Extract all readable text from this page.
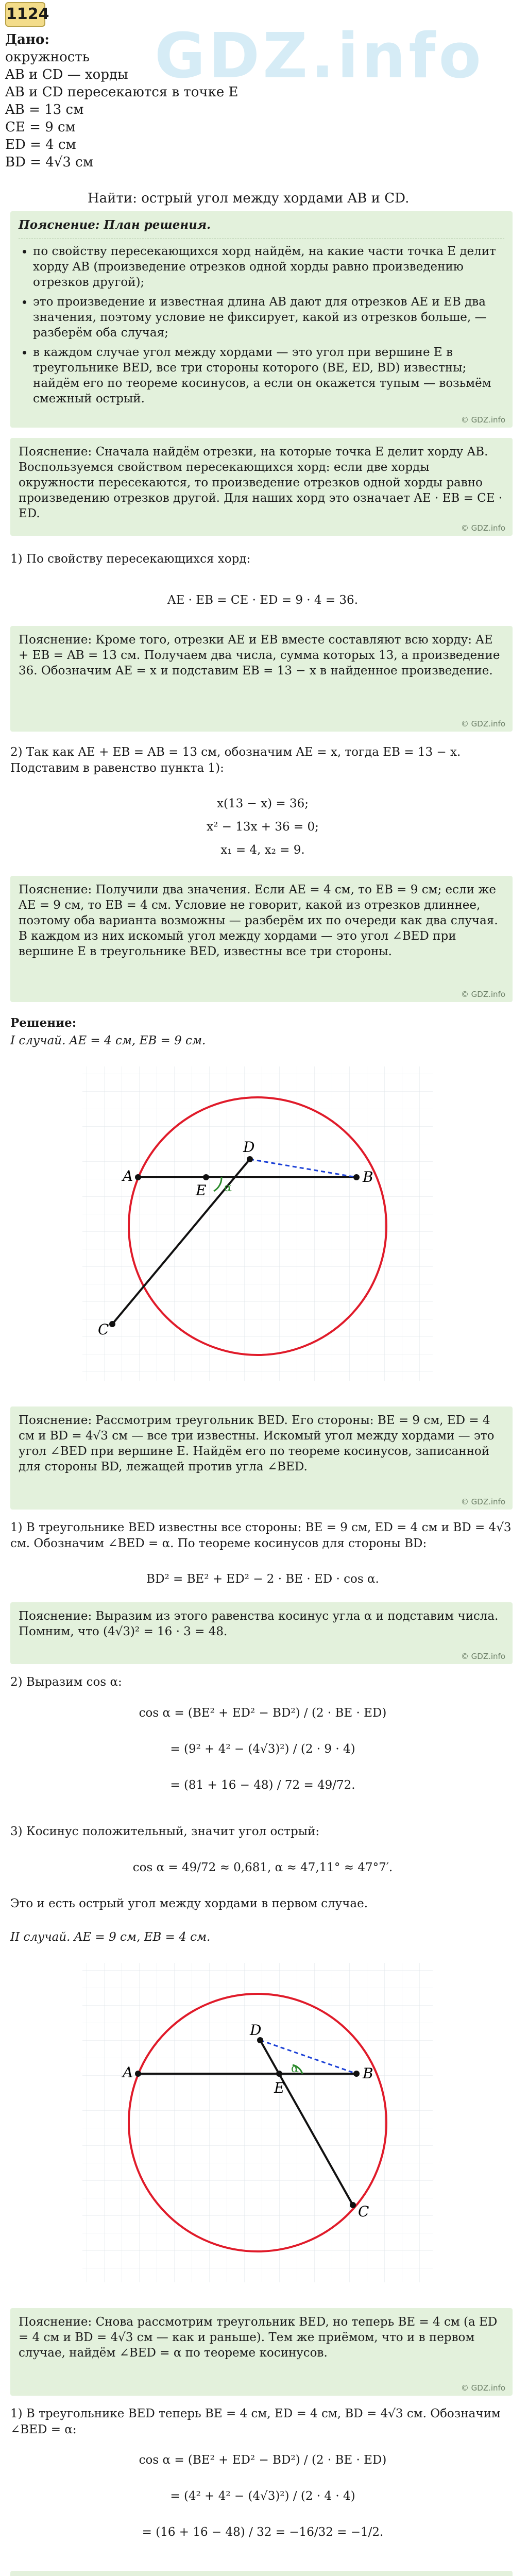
1124
GDZ.info
Дано:
окружность
AB и CD — хорды
AB и CD пересекаются в точке E
AB = 13 см
CE = 9 см
ED = 4 см
BD = 4√3 см
Найти: острый угол между хордами AB и CD.
Пояснение: План решения.
• по свойству пересекающихся хорд найдём, на какие части точка E делит хорду AB (произведение отрезков одной хорды равно произведению отрезков другой);
• это произведение и известная длина AB дают для отрезков AE и EB два значения, поэтому условие не фиксирует, какой из отрезков больше, — разберём оба случая;
• в каждом случае угол между хордами — это угол при вершине E в треугольнике BED, все три стороны которого (BE, ED, BD) известны; найдём его по теореме косинусов, а если он окажется тупым — возьмём смежный острый.
© GDZ.info
Пояснение: Сначала найдём отрезки, на которые точка E делит хорду AB. Воспользуемся свойством пересекающихся хорд: если две хорды окружности пересекаются, то произведение отрезков одной хорды равно произведению отрезков другой. Для наших хорд это означает AE · EB = CE · ED.
© GDZ.info
1) По свойству пересекающихся хорд:
AE · EB = CE · ED = 9 · 4 = 36.
Пояснение: Кроме того, отрезки AE и EB вместе составляют всю хорду: AE + EB = AB = 13 см. Получаем два числа, сумма которых 13, а произведение 36. Обозначим AE = x и подставим EB = 13 − x в найденное произведение.
© GDZ.info
2) Так как AE + EB = AB = 13 см, обозначим AE = x, тогда EB = 13 − x. Подставим в равенство пункта 1):
x(13 − x) = 36;
x² − 13x + 36 = 0;
x₁ = 4, x₂ = 9.
Пояснение: Получили два значения. Если AE = 4 см, то EB = 9 см; если же AE = 9 см, то EB = 4 см. Условие не говорит, какой из отрезков длиннее, поэтому оба варианта возможны — разберём их по очереди как два случая. В каждом из них искомый угол между хордами — это угол ∠BED при вершине E в треугольнике BED, известны все три стороны.
© GDZ.info
Решение:
I случай. AE = 4 см, EB = 9 см.
A	B
C
D
E α
Пояснение: Рассмотрим треугольник BED. Его стороны: BE = 9 см, ED = 4 см и BD = 4√3 см — все три известны. Искомый угол между хордами — это угол ∠BED при вершине E. Найдём его по теореме косинусов, записанной для стороны BD, лежащей против угла ∠BED.
© GDZ.info
1) В треугольнике BED известны все стороны: BE = 9 см, ED = 4 см и BD = 4√3 см. Обозначим ∠BED = α. По теореме косинусов для стороны BD:
BD² = BE² + ED² − 2 · BE · ED · cos α.
Пояснение: Выразим из этого равенства косинус угла α и подставим числа. Помним, что (4√3)² = 16 · 3 = 48.
© GDZ.info
2) Выразим cos α:
cos α = (BE² + ED² − BD²) / (2 · BE · ED)
= (9² + 4² − (4√3)²) / (2 · 9 · 4)
= (81 + 16 − 48) / 72 = 49/72.
3) Косинус положительный, значит угол острый:
cos α = 49/72 ≈ 0,681, α ≈ 47,11° ≈ 47°7′.
Это и есть острый угол между хордами в первом случае.
II случай. AE = 9 см, EB = 4 см.
A	B
C
D
E
α
Пояснение: Снова рассмотрим треугольник BED, но теперь BE = 4 см (a ED = 4 см и BD = 4√3 см — как и раньше). Тем же приёмом, что и в первом случае, найдём ∠BED = α по теореме косинусов.
© GDZ.info
1) В треугольнике BED теперь BE = 4 см, ED = 4 см, BD = 4√3 см. Обозначим ∠BED = α:
cos α = (BE² + ED² − BD²) / (2 · BE · ED)
= (4² + 4² − (4√3)²) / (2 · 4 · 4)
= (16 + 16 − 48) / 32 = −16/32 = −1/2.
